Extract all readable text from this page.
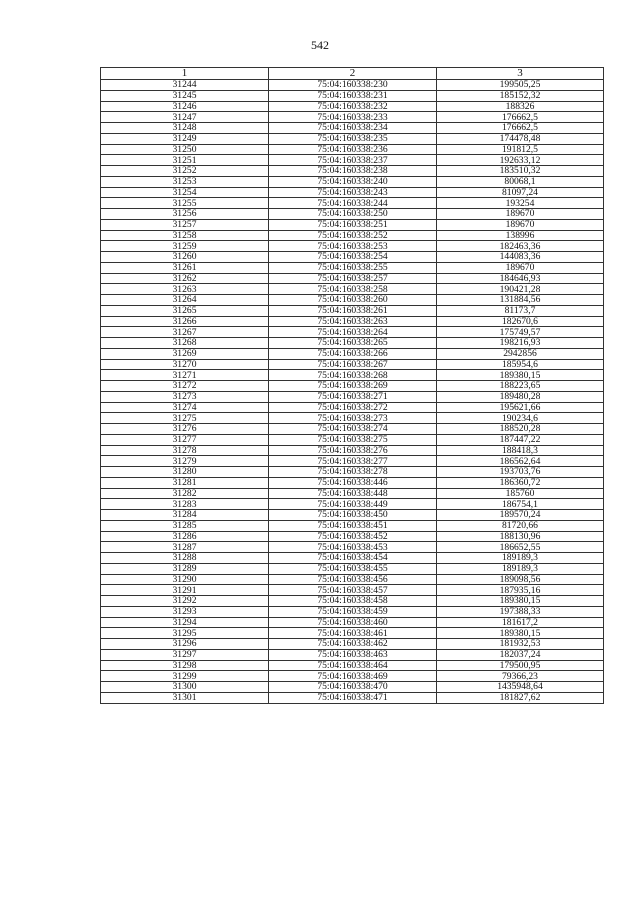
542
1	2	3
31244	75:04:160338:230	199505,25
31245	75:04:160338:231	185152,32
31246	75:04:160338:232	188326
31247	75:04:160338:233	176662,5
31248	75:04:160338:234	176662,5
31249	75:04:160338:235	174478,48
31250	75:04:160338:236	191812,5
31251	75:04:160338:237	192633,12
31252	75:04:160338:238	183510,32
31253	75:04:160338:240	80068,1
31254	75:04:160338:243	81097,24
31255	75:04:160338:244	193254
31256	75:04:160338:250	189670
31257	75:04:160338:251	189670
31258	75:04:160338:252	138996
31259	75:04:160338:253	182463,36
31260	75:04:160338:254	144083,36
31261	75:04:160338:255	189670
31262	75:04:160338:257	184646,93
31263	75:04:160338:258	190421,28
31264	75:04:160338:260	131884,56
31265	75:04:160338:261	81173,7
31266	75:04:160338:263	182670,6
31267	75:04:160338:264	175749,57
31268	75:04:160338:265	198216,93
31269	75:04:160338:266	2942856
31270	75:04:160338:267	185954,6
31271	75:04:160338:268	189380,15
31272	75:04:160338:269	188223,65
31273	75:04:160338:271	189480,28
31274	75:04:160338:272	195621,66
31275	75:04:160338:273	190234,6
31276	75:04:160338:274	188520,28
31277	75:04:160338:275	187447,22
31278	75:04:160338:276	188418,3
31279	75:04:160338:277	186562,64
31280	75:04:160338:278	193703,76
31281	75:04:160338:446	186360,72
31282	75:04:160338:448	185760
31283	75:04:160338:449	186754,1
31284	75:04:160338:450	189570,24
31285	75:04:160338:451	81720,66
31286	75:04:160338:452	188130,96
31287	75:04:160338:453	186652,55
31288	75:04:160338:454	189189,3
31289	75:04:160338:455	189189,3
31290	75:04:160338:456	189098,56
31291	75:04:160338:457	187935,16
31292	75:04:160338:458	189380,15
31293	75:04:160338:459	197388,33
31294	75:04:160338:460	181617,2
31295	75:04:160338:461	189380,15
31296	75:04:160338:462	181932,53
31297	75:04:160338:463	182037,24
31298	75:04:160338:464	179500,95
31299	75:04:160338:469	79366,23
31300	75:04:160338:470	1435948,64
31301	75:04:160338:471	181827,62
